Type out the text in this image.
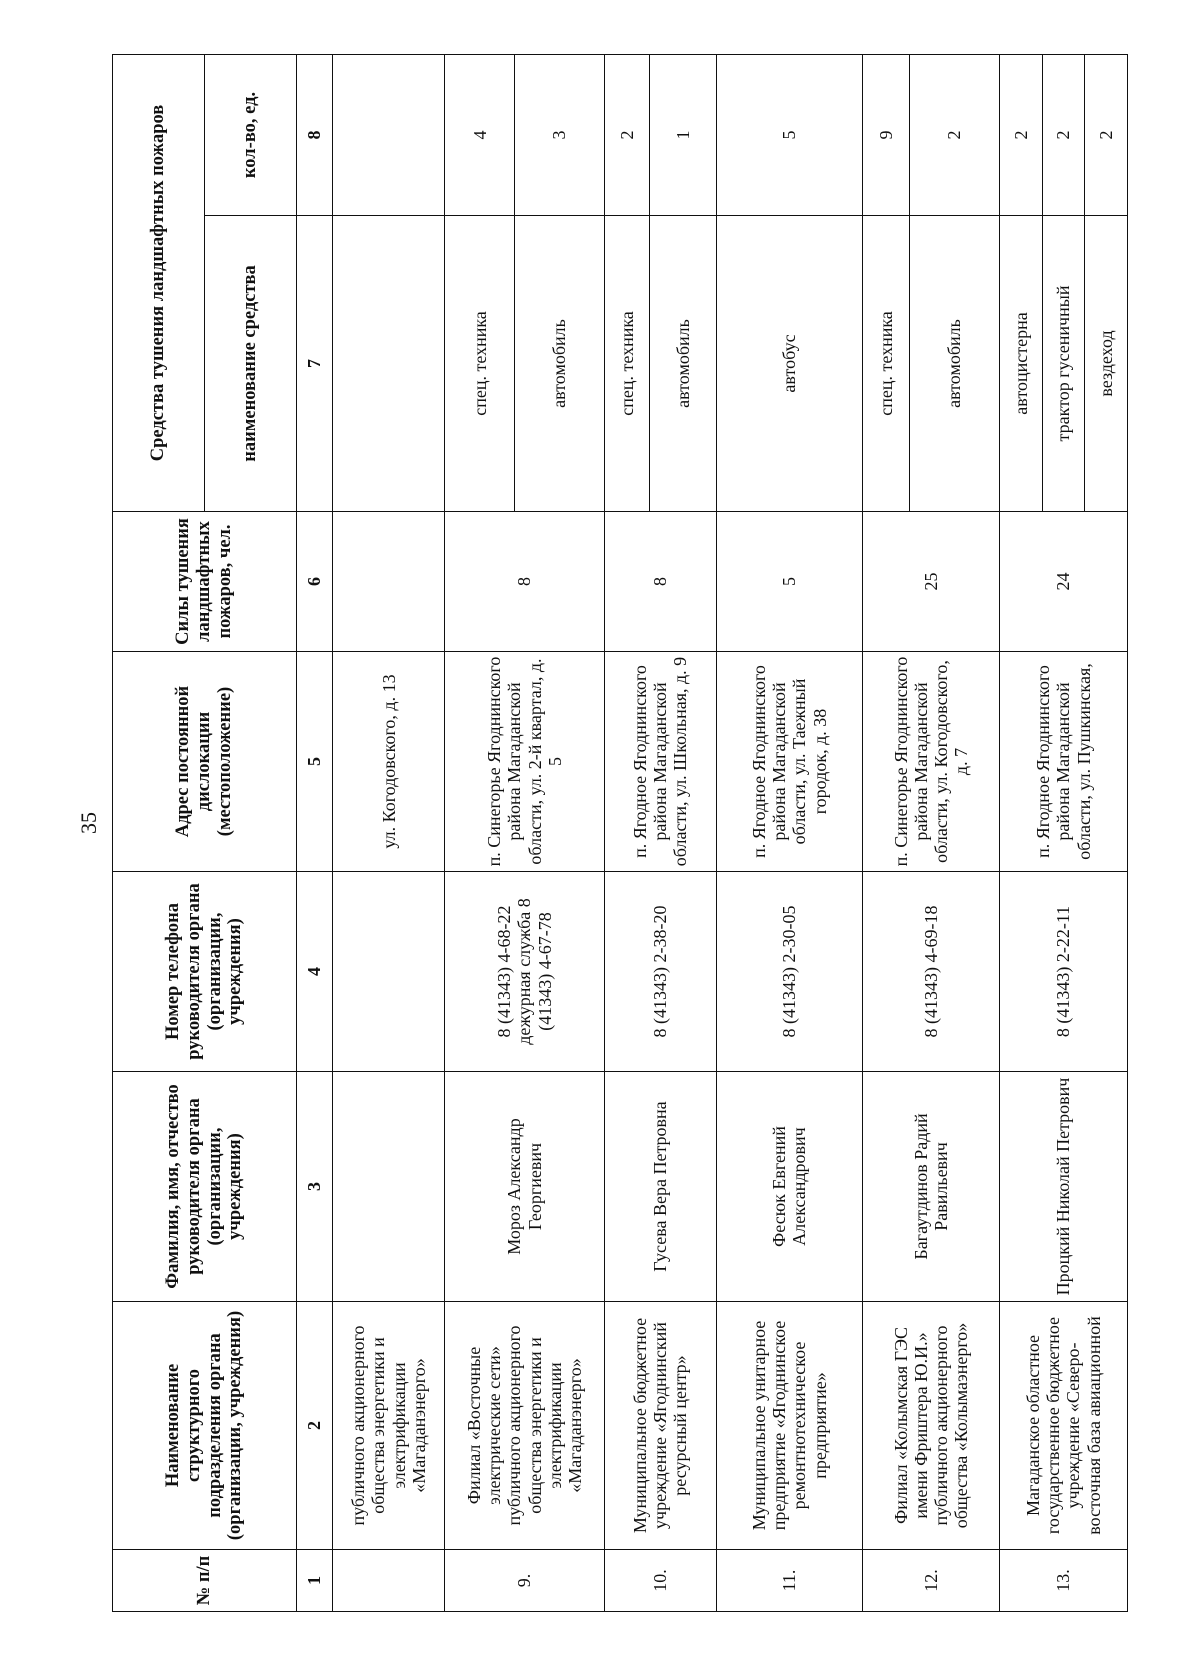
35
№ п/п	Наименование структурного подразделения органа (организации, учреждения)	Фамилия, имя, отчество руководителя органа (организации, учреждения)	Номер телефона руководителя органа (организации, учреждения)	Адрес постоянной дислокации (местоположение)	Силы тушения ландшафтных пожаров, чел.	Средства тушения ландшафтных пожаров	
						наименование средства	кол-во, ед.
1	2	3	4	5	6	7	8
	публичного акционерного общества энергетики и электрификации «Магаданэнерго»			ул. Когодовского, д. 13			
9.	Филиал «Восточные электрические сети» публичного акционерного общества энергетики и электрификации «Магаданэнерго»	Мороз Александр Георгиевич	8 (41343) 4-68-22 дежурная служба 8 (41343) 4-67-78	п. Синегорье Ягоднинского района Магаданской области, ул. 2-й квартал, д. 5	8	спец. техника	4
						автомобиль	3
10.	Муниципальное бюджетное учреждение «Ягоднинский ресурсный центр»	Гусева Вера Петровна	8 (41343) 2-38-20	п. Ягодное Ягоднинского района Магаданской области, ул. Школьная, д. 9	8	спец. техника	2
						автомобиль	1
11.	Муниципальное унитарное предприятие «Ягоднинское ремонтнотехническое предприятие»	Фесюк Евгений Александрович	8 (41343) 2-30-05	п. Ягодное Ягоднинского района Магаданской области, ул. Таежный городок, д. 38	5	автобус	5
12.	Филиал «Колымская ГЭС имени Фриштера Ю.И.» публичного акционерного общества «Колымаэнерго»	Багаутдинов Радий Равильевич	8 (41343) 4-69-18	п. Синегорье Ягоднинского района Магаданской области, ул. Когодовского, д. 7	25	спец. техника	9
						автомобиль	2
13.	Магаданское областное государственное бюджетное учреждение «Северо-восточная база авиационной	Процкий Николай Петрович	8 (41343) 2-22-11	п. Ягодное Ягоднинского района Магаданской области, ул. Пушкинская,	24	автоцистерна	2
						трактор гусеничный	2
						вездеход	2
